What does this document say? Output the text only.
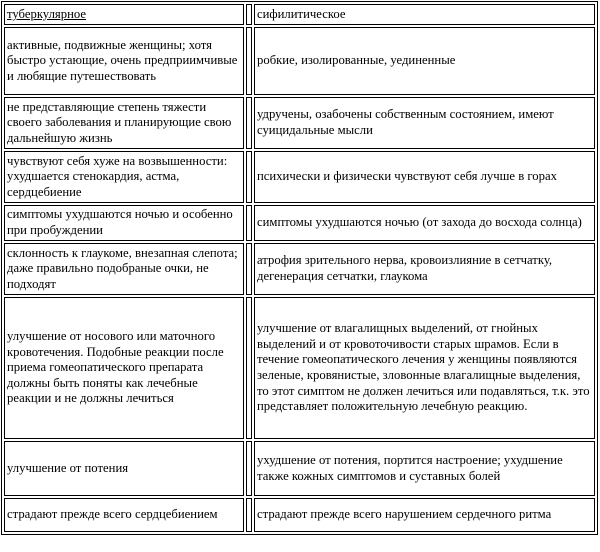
туберкулярное		сифилитическое
активные, подвижные женщины; хотя быстро устающие, очень предприимчивые и любящие путешествовать		робкие, изолированные, уединенные
не представляющие степень тяжести своего заболевания и планирующие свою дальнейшую жизнь		удручены, озабочены собственным состоянием, имеют суицидальные мысли
чувствуют себя хуже на возвышенности: ухудшается стенокардия, астма, сердцебиение		психически и физически чувствуют себя лучше в горах
симптомы ухудшаются ночью и особенно при пробуждении		симптомы ухудшаются ночью (от захода до восхода солнца)
склонность к глаукоме, внезапная слепота; даже правильно подобраные очки, не подходят		атрофия зрительного нерва, кровоизлияние в сетчатку, дегенерация сетчатки, глаукома
улучшение от носового или маточного кровотечения. Подобные реакции после приема гомеопатического препарата должны быть поняты как лечебные реакции и не должны лечиться		улучшение от влагалищных выделений, от гнойных выделений и от кровоточивости старых шрамов. Если в течение гомеопатического лечения у женщины появляются зеленые, кровянистые, зловонные влагалищные выделения, то этот симптом не должен лечиться или подавляться, т.к. это представляет положительную лечебную реакцию.
улучшение от потения		ухудшение от потения, портится настроение; ухудшение также кожных симптомов и суставных болей
страдают прежде всего сердцебиением		страдают прежде всего нарушением сердечного ритма
